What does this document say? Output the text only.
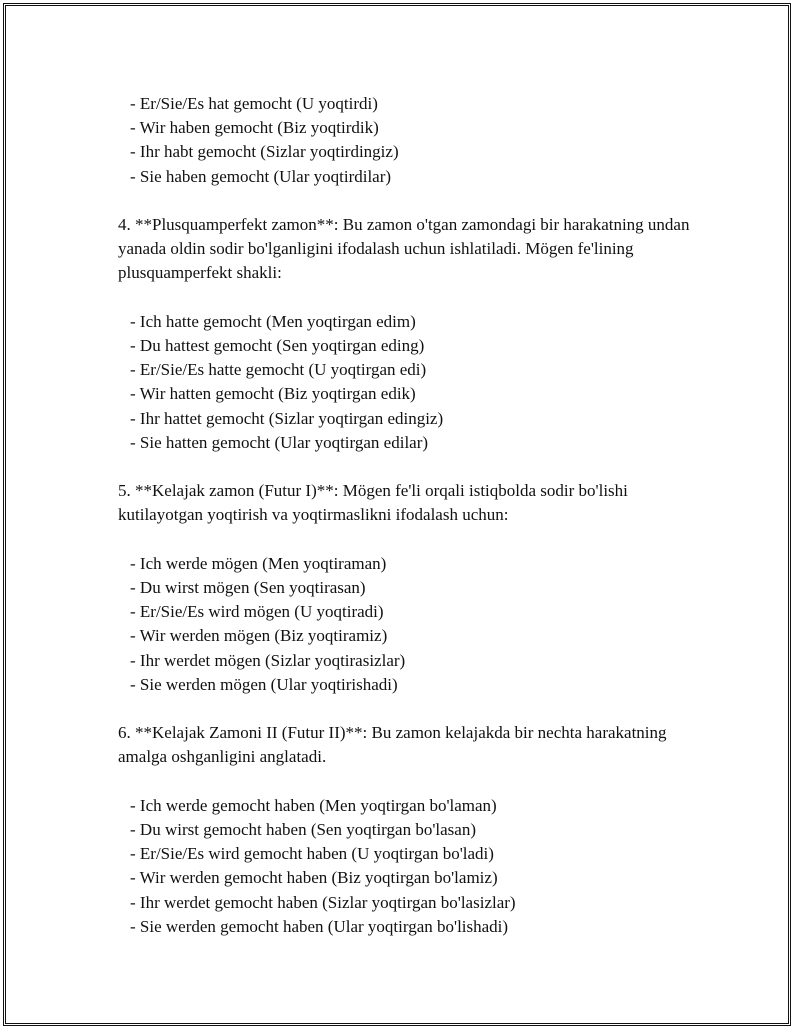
- Er/Sie/Es hat gemocht (U yoqtirdi)
- Wir haben gemocht (Biz yoqtirdik)
- Ihr habt gemocht (Sizlar yoqtirdingiz)
- Sie haben gemocht (Ular yoqtirdilar)

4. **Plusquamperfekt zamon**: Bu zamon o'tgan zamondagi bir harakatning undan yanada oldin sodir bo'lganligini ifodalash uchun ishlatiladi. Mögen fe'lining plusquamperfekt shakli:

- Ich hatte gemocht (Men yoqtirgan edim)
- Du hattest gemocht (Sen yoqtirgan eding)
- Er/Sie/Es hatte gemocht (U yoqtirgan edi)
- Wir hatten gemocht (Biz yoqtirgan edik)
- Ihr hattet gemocht (Sizlar yoqtirgan edingiz)
- Sie hatten gemocht (Ular yoqtirgan edilar)

5. **Kelajak zamon (Futur I)**: Mögen fe'li orqali istiqbolda sodir bo'lishi kutilayotgan yoqtirish va yoqtirmaslikni ifodalash uchun:

- Ich werde mögen (Men yoqtiraman)
- Du wirst mögen (Sen yoqtirasan)
- Er/Sie/Es wird mögen (U yoqtiradi)
- Wir werden mögen (Biz yoqtiramiz)
- Ihr werdet mögen (Sizlar yoqtirasizlar)
- Sie werden mögen (Ular yoqtirishadi)

6. **Kelajak Zamoni II (Futur II)**: Bu zamon kelajakda bir nechta harakatning amalga oshganligini anglatadi.

- Ich werde gemocht haben (Men yoqtirgan bo'laman)
- Du wirst gemocht haben (Sen yoqtirgan bo'lasan)
- Er/Sie/Es wird gemocht haben (U yoqtirgan bo'ladi)
- Wir werden gemocht haben (Biz yoqtirgan bo'lamiz)
- Ihr werdet gemocht haben (Sizlar yoqtirgan bo'lasizlar)
- Sie werden gemocht haben (Ular yoqtirgan bo'lishadi)
